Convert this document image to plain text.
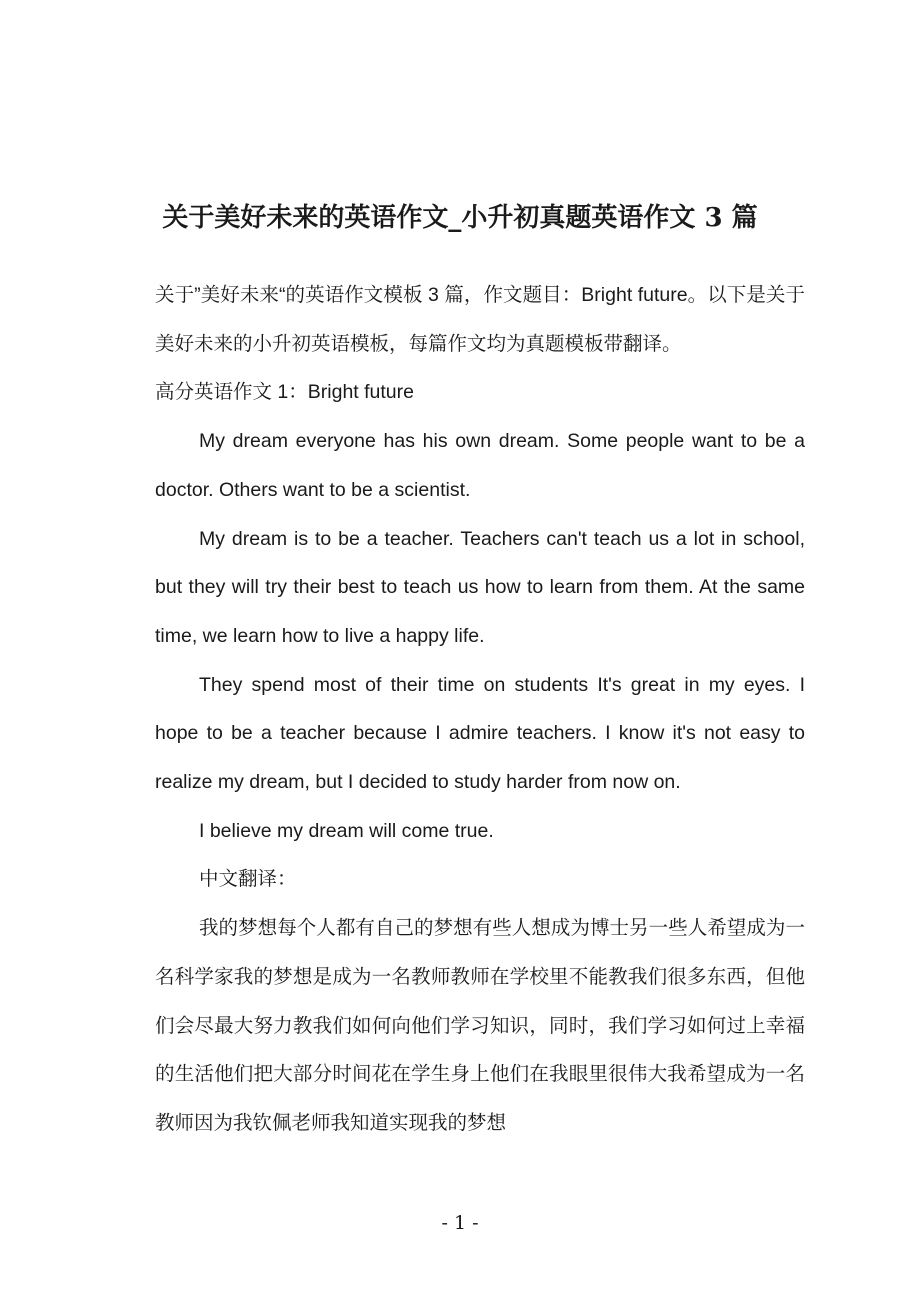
关于美好未来的英语作文_小升初真题英语作文 3 篇

关于”美好未来“的英语作文模板 3 篇，作文题目：Bright future。以下是关于美好未来的小升初英语模板，每篇作文均为真题模板带翻译。

高分英语作文 1：Bright future

My dream everyone has his own dream. Some people want to be a doctor. Others want to be a scientist.

My dream is to be a teacher. Teachers can't teach us a lot in school, but they will try their best to teach us how to learn from them. At the same time, we learn how to live a happy life.

They spend most of their time on students It's great in my eyes. I hope to be a teacher because I admire teachers. I know it's not easy to realize my dream, but I decided to study harder from now on.

I believe my dream will come true.

中文翻译：

我的梦想每个人都有自己的梦想有些人想成为博士另一些人希望成为一名科学家我的梦想是成为一名教师教师在学校里不能教我们很多东西，但他们会尽最大努力教我们如何向他们学习知识，同时，我们学习如何过上幸福的生活他们把大部分时间花在学生身上他们在我眼里很伟大我希望成为一名教师因为我钦佩老师我知道实现我的梦想

- 1 -
